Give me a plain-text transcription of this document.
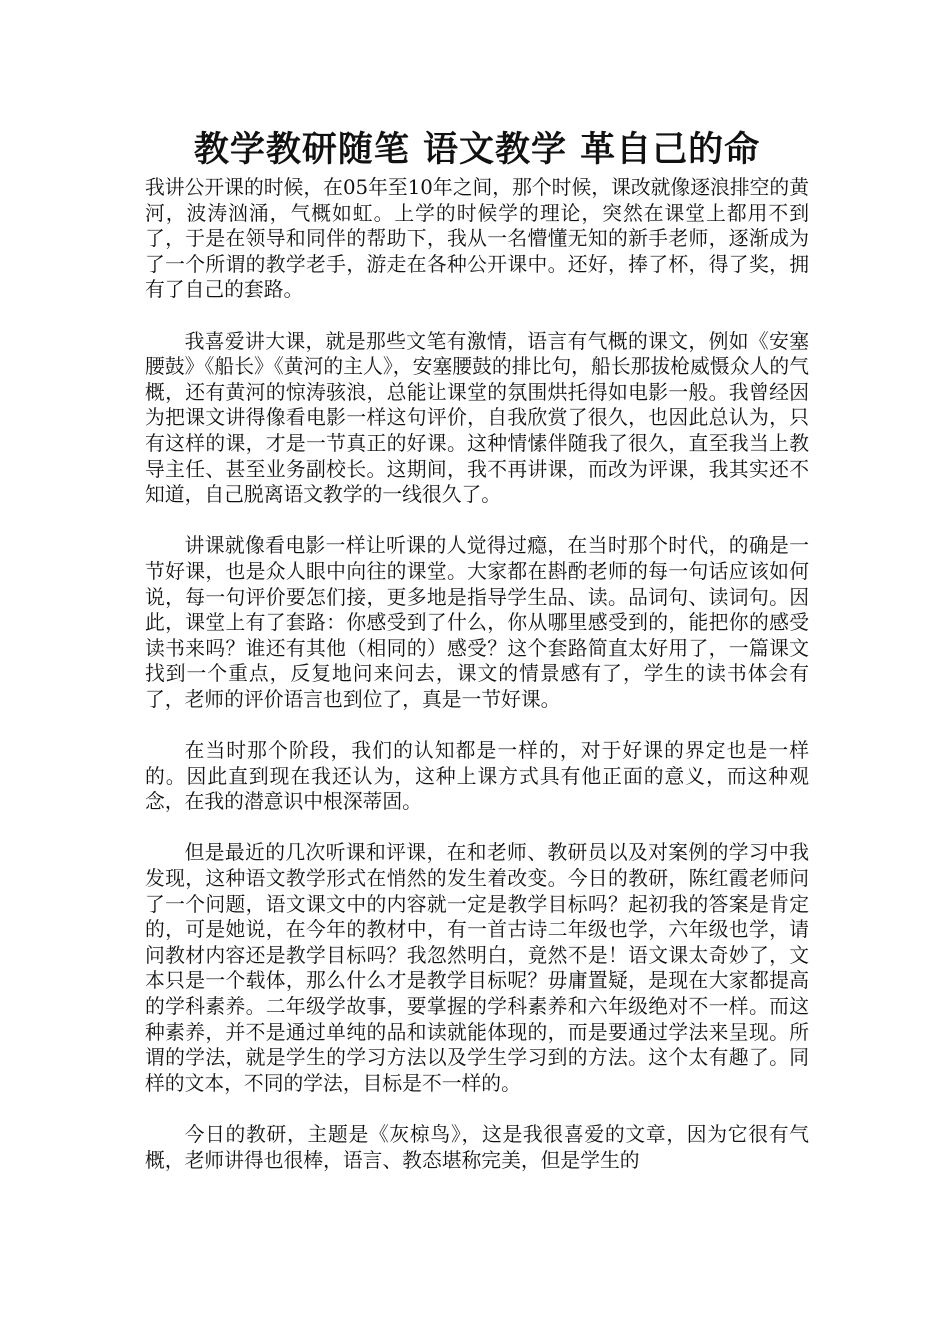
教学教研随笔 语文教学 革自己的命

我讲公开课的时候，在05年至10年之间，那个时候，课改就像逐浪排空的黄河，波涛汹涌，气概如虹。上学的时候学的理论，突然在课堂上都用不到了，于是在领导和同伴的帮助下，我从一名懵懂无知的新手老师，逐渐成为了一个所谓的教学老手，游走在各种公开课中。还好，捧了杯，得了奖，拥有了自己的套路。

我喜爱讲大课，就是那些文笔有激情，语言有气概的课文，例如《安塞腰鼓》《船长》《黄河的主人》，安塞腰鼓的排比句，船长那拔枪威慑众人的气概，还有黄河的惊涛骇浪，总能让课堂的氛围烘托得如电影一般。我曾经因为把课文讲得像看电影一样这句评价，自我欣赏了很久，也因此总认为，只有这样的课，才是一节真正的好课。这种情愫伴随我了很久，直至我当上教导主任、甚至业务副校长。这期间，我不再讲课，而改为评课，我其实还不知道，自己脱离语文教学的一线很久了。

讲课就像看电影一样让听课的人觉得过瘾，在当时那个时代，的确是一节好课，也是众人眼中向往的课堂。大家都在斟酌老师的每一句话应该如何说，每一句评价要怎们接，更多地是指导学生品、读。品词句、读词句。因此，课堂上有了套路：你感受到了什么，你从哪里感受到的，能把你的感受读书来吗？谁还有其他（相同的）感受？这个套路简直太好用了，一篇课文找到一个重点，反复地问来问去，课文的情景感有了，学生的读书体会有了，老师的评价语言也到位了，真是一节好课。

在当时那个阶段，我们的认知都是一样的，对于好课的界定也是一样的。因此直到现在我还认为，这种上课方式具有他正面的意义，而这种观念，在我的潜意识中根深蒂固。

但是最近的几次听课和评课，在和老师、教研员以及对案例的学习中我发现，这种语文教学形式在悄然的发生着改变。今日的教研，陈红霞老师问了一个问题，语文课文中的内容就一定是教学目标吗？起初我的答案是肯定的，可是她说，在今年的教材中，有一首古诗二年级也学，六年级也学，请问教材内容还是教学目标吗？我忽然明白，竟然不是！语文课太奇妙了，文本只是一个载体，那么什么才是教学目标呢？毋庸置疑，是现在大家都提高的学科素养。二年级学故事，要掌握的学科素养和六年级绝对不一样。而这种素养，并不是通过单纯的品和读就能体现的，而是要通过学法来呈现。所谓的学法，就是学生的学习方法以及学生学习到的方法。这个太有趣了。同样的文本，不同的学法，目标是不一样的。

今日的教研，主题是《灰椋鸟》，这是我很喜爱的文章，因为它很有气概，老师讲得也很棒，语言、教态堪称完美，但是学生的
